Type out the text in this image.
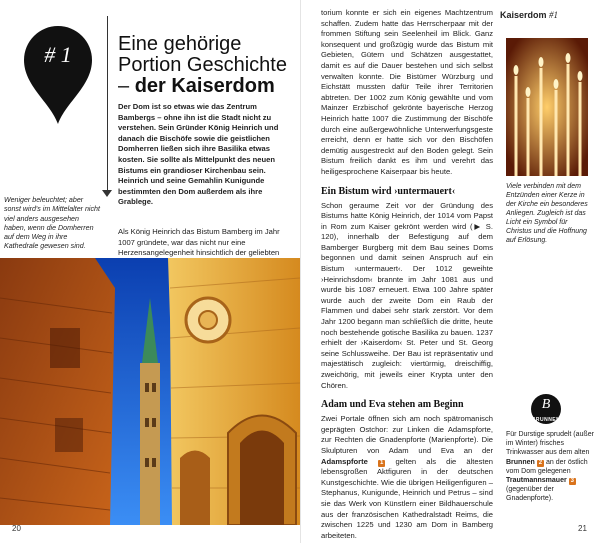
# 1	Eine gehörige Portion Geschichte – der Kaiserdom
Der Dom ist so etwas wie das Zentrum Bambergs – ohne ihn ist die Stadt nicht zu verstehen. Sein Gründer König Heinrich und danach die Bischöfe sowie die geistlichen Domherren ließen sich ihre Basilika etwas kosten. Sie sollte als Mittelpunkt des neuen Bistums ein grandioser Kirchenbau sein. Heinrich und seine Gemahlin Kunigunde bestimmten den Dom außerdem als ihre Grablege.
Als König Heinrich das Bistum Bamberg im Jahr 1007 gründete, war das nicht nur eine Herzensangelegenheit hinsichtlich der geliebten
Weniger beleuchtet; aber sonst wird's im Mittelalter nicht viel anders ausgesehen haben, wenn die Domherren auf dem Weg in ihre Kathedrale gewesen sind.
20
Kaiserdom #1

torium konnte er sich ein eigenes Machtzentrum schaffen. Zudem hatte das Herrscherpaar mit der frommen Stiftung sein Seelenheil im Blick. Ganz konsequent und großzügig wurde das Bistum mit Gebieten, Gütern und Schätzen ausgestattet, damit es auf die Dauer bestehen und sich selbst verwalten konnte. Die Bistümer Würzburg und Eichstätt mussten dafür Teile ihrer Territorien abtreten. Der 1002 zum König gewählte und vom Mainzer Erzbischof gekrönte bayerische Herzog Heinrich hatte 1007 die Zustimmung der Bischöfe durch eine außergewöhnliche Unterwerfungsgeste erreicht, denn er hatte sich vor den Bischöfen demütig ausgestreckt auf den Boden gelegt. Sein Bistum freilich dankt es ihm und verehrt das heiligesprochene Kaiserpaar bis heute.

Ein Bistum wird ›untermauert‹

Schon geraume Zeit vor der Gründung des Bistums hatte König Heinrich, der 1014 vom Papst in Rom zum Kaiser gekrönt werden wird (▶ S. 120), innerhalb der Befestigung auf dem Bamberger Burgberg mit dem Bau seines Doms begonnen und damit seinen Anspruch auf ein Bistum ›untermauert‹. Der 1012 geweihte ›Heinrichsdom‹ brannte im Jahr 1081 aus und wurde bis 1087 erneuert. Etwa 100 Jahre später wurde auch der zweite Dom ein Raub der Flammen und dabei sehr stark zerstört. Vor dem Jahr 1200 begann man schließlich die dritte, heute noch bestehende gotische Basilika zu bauen. 1237 erhielt der ›Kaiserdom‹ St. Peter und St. Georg seine Schlussweihe. Der Bau ist repräsentativ und majestätisch zugleich: viertürmig, dreischiffig, zweichörig, mit jeweils einer Krypta unter den Chören.

Adam und Eva stehen am Beginn

Zwei Portale öffnen sich am noch spätromanisch geprägten Ostchor: zur Linken die Adamspforte, zur Rechten die Gnadenpforte (Marienpforte). Die Skulpturen von Adam und Eva an der Adamspforte 1 gelten als die ältesten lebensgroßen Aktfiguren in der deutschen Kunstgeschichte. Wie die übrigen Heiligenfiguren – Stephanus, Kunigunde, Heinrich und Petrus – sind sie das Werk von Künstlern einer Bildhauerschule aus der französischen Kathedralstadt Reims, die zwischen 1225 und 1230 am Dom in Bamberg arbeiteten.

Viele verbinden mit dem Entzünden einer Kerze in der Kirche ein besonderes Anliegen. Zugleich ist das Licht ein Symbol für Christus und die Hoffnung auf Erlösung.
B
BRUNNEN
Für Durstige sprudelt (außer im Winter) frisches Trinkwasser aus dem alten Brunnen 2 an der östlich vom Dom gelegenen Trautmannsmauer 3 (gegenüber der Gnadenpforte).
21
